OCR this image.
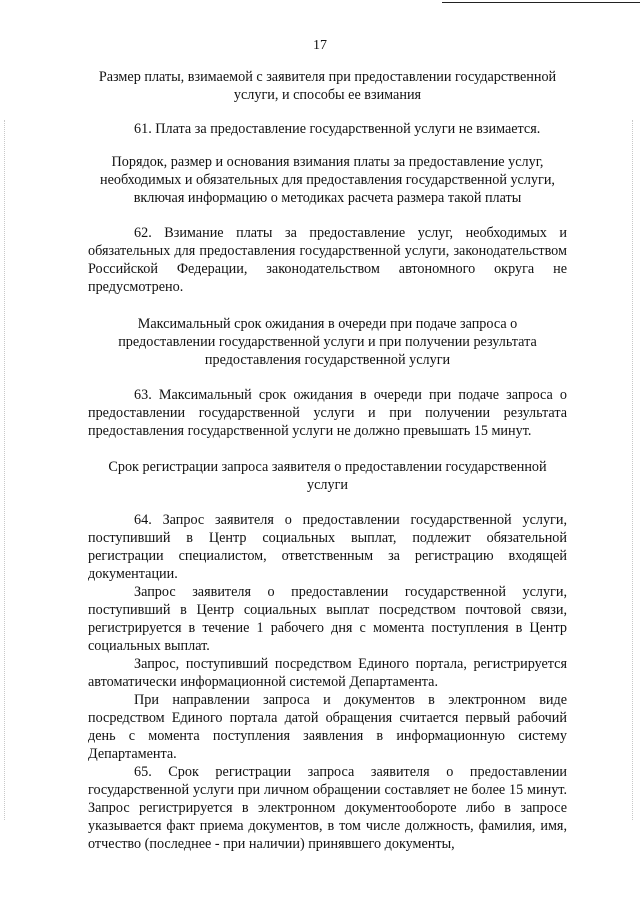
17
Размер платы, взимаемой с заявителя при предоставлении государственной услуги, и способы ее взимания
61. Плата за предоставление государственной услуги не взимается.
Порядок, размер и основания взимания платы за предоставление услуг, необходимых и обязательных для предоставления государственной услуги, включая информацию о методиках расчета размера такой платы
62. Взимание платы за предоставление услуг, необходимых и обязательных для предоставления государственной услуги, законодательством Российской Федерации, законодательством автономного округа не предусмотрено.
Максимальный срок ожидания в очереди при подаче запроса о предоставлении государственной услуги и при получении результата предоставления государственной услуги
63. Максимальный срок ожидания в очереди при подаче запроса о предоставлении государственной услуги и при получении результата предоставления государственной услуги не должно превышать 15 минут.
Срок регистрации запроса заявителя о предоставлении государственной услуги
64. Запрос заявителя о предоставлении государственной услуги, поступивший в Центр социальных выплат, подлежит обязательной регистрации специалистом, ответственным за регистрацию входящей документации.
Запрос заявителя о предоставлении государственной услуги, поступивший в Центр социальных выплат посредством почтовой связи, регистрируется в течение 1 рабочего дня с момента поступления в Центр социальных выплат.
Запрос, поступивший посредством Единого портала, регистрируется автоматически информационной системой Департамента.
При направлении запроса и документов в электронном виде посредством Единого портала датой обращения считается первый рабочий день с момента поступления заявления в информационную систему Департамента.
65. Срок регистрации запроса заявителя о предоставлении государственной услуги при личном обращении составляет не более 15 минут. Запрос регистрируется в электронном документообороте либо в запросе указывается факт приема документов, в том числе должность, фамилия, имя, отчество (последнее - при наличии) принявшего документы,
